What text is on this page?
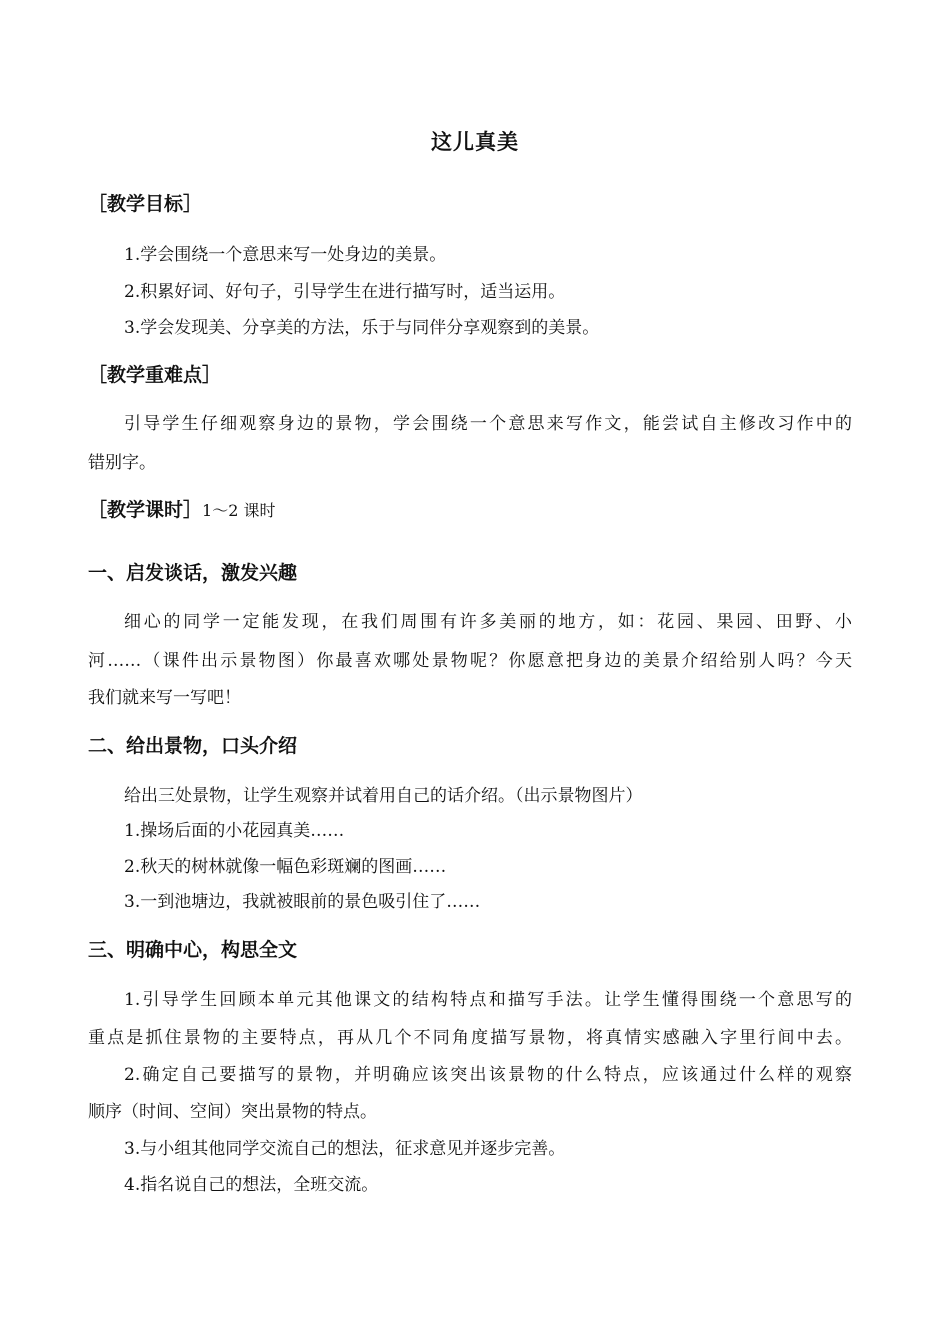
这儿真美
［教学目标］
1.学会围绕一个意思来写一处身边的美景。
2.积累好词、好句子，引导学生在进行描写时，适当运用。
3.学会发现美、分享美的方法，乐于与同伴分享观察到的美景。
［教学重难点］
引导学生仔细观察身边的景物，学会围绕一个意思来写作文，能尝试自主修改习作中的
错别字。
［教学课时］1～2 课时
一、启发谈话，激发兴趣
细心的同学一定能发现，在我们周围有许多美丽的地方，如：花园、果园、田野、小
河……（课件出示景物图）你最喜欢哪处景物呢？你愿意把身边的美景介绍给别人吗？今天
我们就来写一写吧！
二、给出景物，口头介绍
给出三处景物，让学生观察并试着用自己的话介绍。（出示景物图片）
1.操场后面的小花园真美……
2.秋天的树林就像一幅色彩斑斓的图画……
3.一到池塘边，我就被眼前的景色吸引住了……
三、明确中心，构思全文
1.引导学生回顾本单元其他课文的结构特点和描写手法。让学生懂得围绕一个意思写的
重点是抓住景物的主要特点，再从几个不同角度描写景物，将真情实感融入字里行间中去。
2.确定自己要描写的景物，并明确应该突出该景物的什么特点，应该通过什么样的观察
顺序（时间、空间）突出景物的特点。
3.与小组其他同学交流自己的想法，征求意见并逐步完善。
4.指名说自己的想法，全班交流。
